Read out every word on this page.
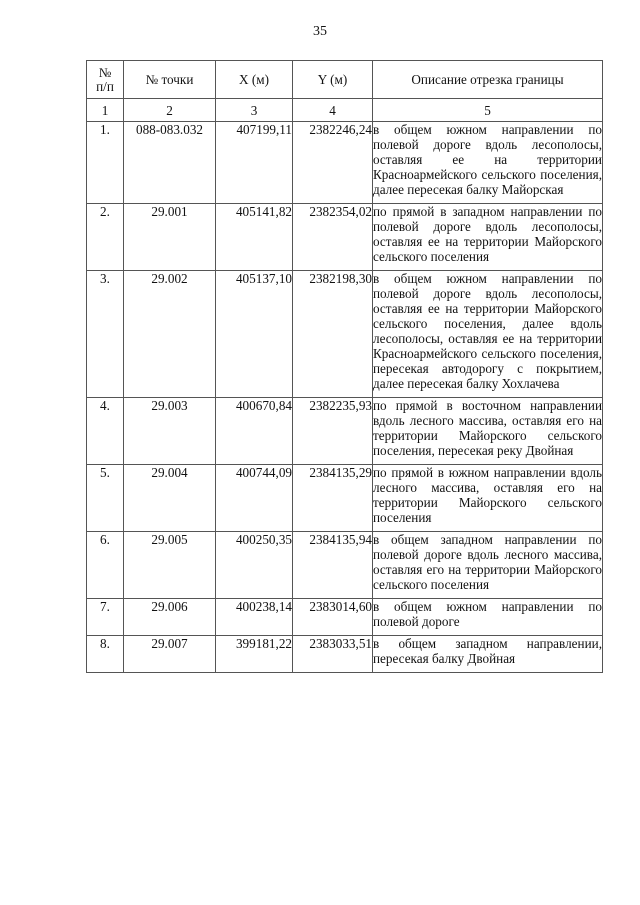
35
№
п/п	№ точки	X (м)	Y (м)	Описание отрезка границы
1	2	3	4	5
1.	088-083.032	407199,11	2382246,24	в общем южном направлении по полевой дороге вдоль лесополосы, оставляя ее на территории Красноармейского сельского поселения, далее пересекая балку Майорская
2.	29.001	405141,82	2382354,02	по прямой в западном направлении по полевой дороге вдоль лесополосы, оставляя ее на территории Майорского сельского поселения
3.	29.002	405137,10	2382198,30	в общем южном направлении по полевой дороге вдоль лесополосы, оставляя ее на территории Майорского сельского поселения, далее вдоль лесополосы, оставляя ее на территории Красноармейского сельского поселения, пересекая автодорогу с покрытием, далее пересекая балку Хохлачева
4.	29.003	400670,84	2382235,93	по прямой в восточном направлении вдоль лесного массива, оставляя его на территории Майорского сельского поселения, пересекая реку Двойная
5.	29.004	400744,09	2384135,29	по прямой в южном направлении вдоль лесного массива, оставляя его на территории Майорского сельского поселения
6.	29.005	400250,35	2384135,94	в общем западном направлении по полевой дороге вдоль лесного массива, оставляя его на территории Майорского сельского поселения
7.	29.006	400238,14	2383014,60	в общем южном направлении по полевой дороге
8.	29.007	399181,22	2383033,51	в общем западном направлении, пересекая балку Двойная
